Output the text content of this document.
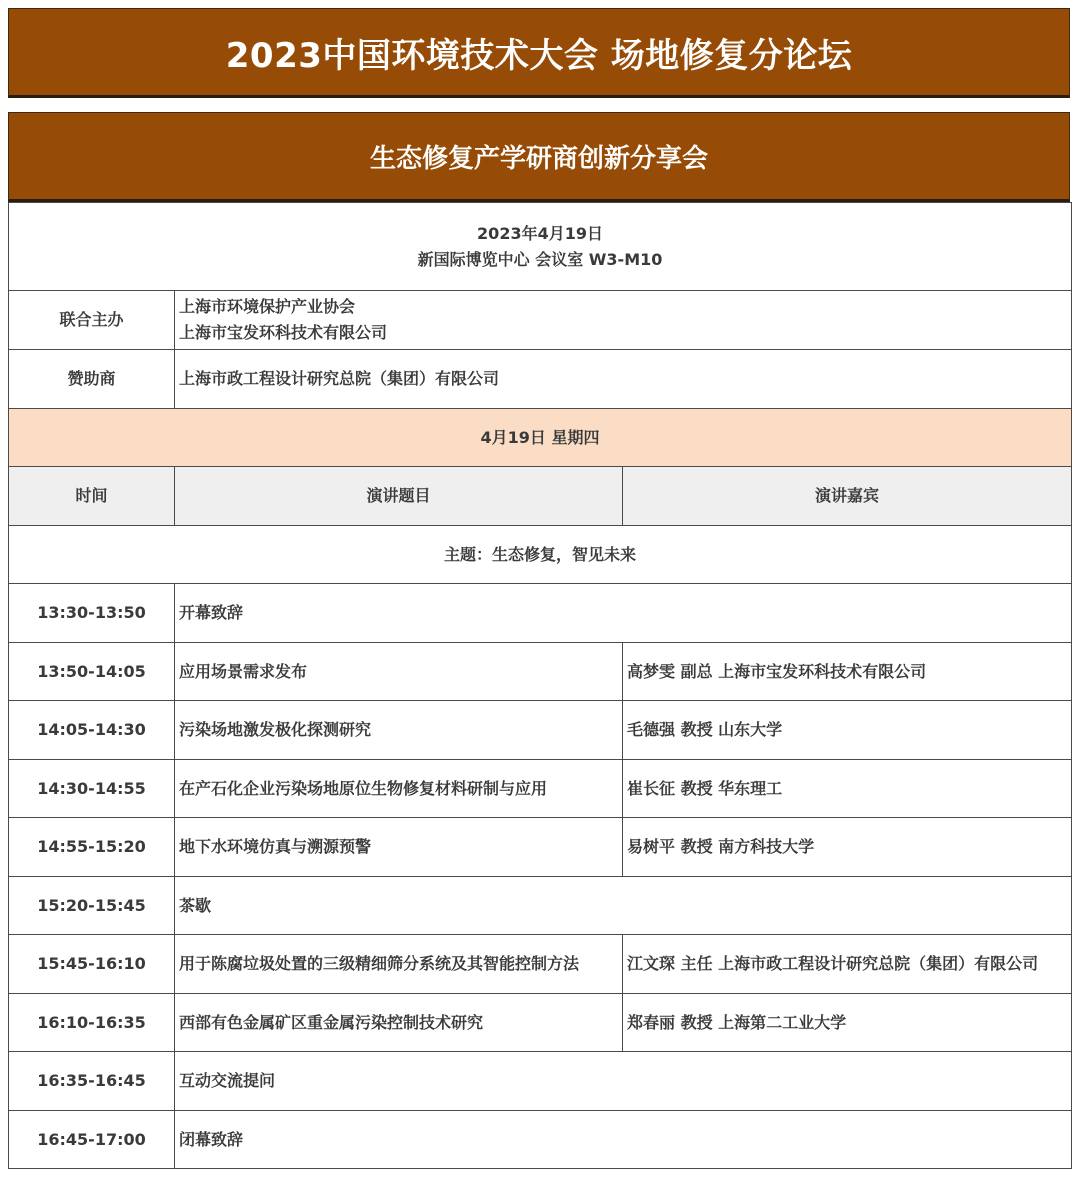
2023中国环境技术大会 场地修复分论坛
生态修复产学研商创新分享会
2023年4月19日
新国际博览中心 会议室 W3-M10		

联合主办	上海市环境保护产业协会
上海市宝发环科技术有限公司	

赞助商	上海市政工程设计研究总院（集团）有限公司	
4月19日 星期四		
时间	演讲题目	演讲嘉宾
主题：生态修复，智见未来		
13:30-13:50	开幕致辞	
13:50-14:05	应用场景需求发布	高梦雯 副总 上海市宝发环科技术有限公司
14:05-14:30	污染场地激发极化探测研究	毛德强 教授 山东大学
14:30-14:55	在产石化企业污染场地原位生物修复材料研制与应用	崔长征 教授 华东理工
14:55-15:20	地下水环境仿真与溯源预警	易树平 教授 南方科技大学
15:20-15:45	茶歇	
15:45-16:10	用于陈腐垃圾处置的三级精细筛分系统及其智能控制方法	江文琛 主任 上海市政工程设计研究总院（集团）有限公司
16:10-16:35	西部有色金属矿区重金属污染控制技术研究	郑春丽 教授 上海第二工业大学
16:35-16:45	互动交流提问	
16:45-17:00	闭幕致辞	
